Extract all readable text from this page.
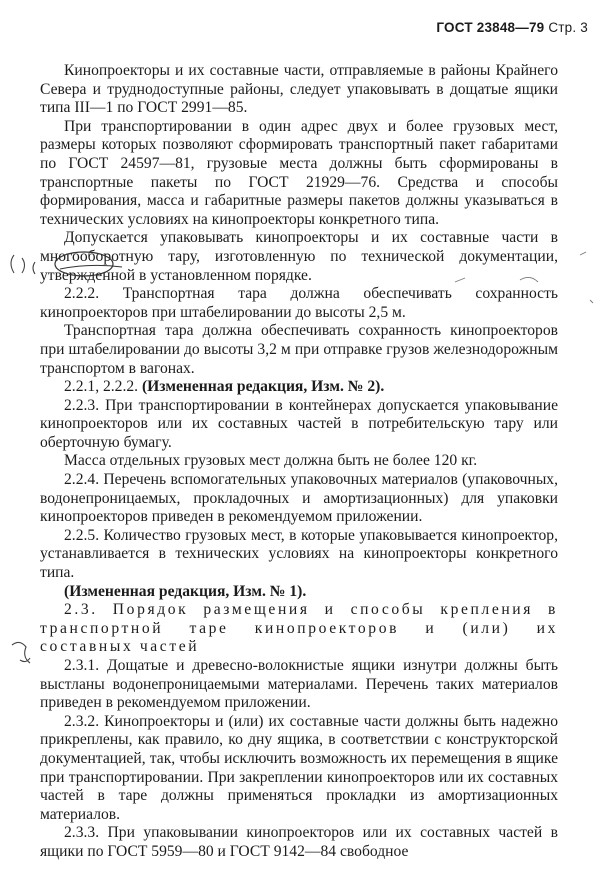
ГОСТ 23848—79 Стр. 3

Кинопроекторы и их составные части, отправляемые в районы Крайнего Севера и труднодоступные районы, следует упаковывать в дощатые ящики типа III—1 по ГОСТ 2991—85.

При транспортировании в один адрес двух и более грузовых мест, размеры которых позволяют сформировать транспортный пакет габаритами по ГОСТ 24597—81, грузовые места должны быть сформированы в транспортные пакеты по ГОСТ 21929—76. Средства и способы формирования, масса и габаритные размеры пакетов должны указываться в технических условиях на кинопроекторы конкретного типа.

Допускается упаковывать кинопроекторы и их составные части в многооборотную тару, изготовленную по технической документации, утвержденной в установленном порядке.

2.2.2. Транспортная тара должна обеспечивать сохранность кинопроекторов при штабелировании до высоты 2,5 м.

Транспортная тара должна обеспечивать сохранность кинопроекторов при штабелировании до высоты 3,2 м при отправке грузов железнодорожным транспортом в вагонах.

2.2.1, 2.2.2. (Измененная редакция, Изм. № 2).

2.2.3. При транспортировании в контейнерах допускается упаковывание кинопроекторов или их составных частей в потребительскую тару или оберточную бумагу.

Масса отдельных грузовых мест должна быть не более 120 кг.

2.2.4. Перечень вспомогательных упаковочных материалов (упаковочных, водонепроницаемых, прокладочных и амортизационных) для упаковки кинопроекторов приведен в рекомендуемом приложении.

2.2.5. Количество грузовых мест, в которые упаковывается кинопроектор, устанавливается в технических условиях на кинопроекторы конкретного типа.

(Измененная редакция, Изм. № 1).

2.3. Порядок размещения и способы крепления в транспортной таре кинопроекторов и (или) их составных частей

2.3.1. Дощатые и древесно-волокнистые ящики изнутри должны быть выстланы водонепроницаемыми материалами. Перечень таких материалов приведен в рекомендуемом приложении.

2.3.2. Кинопроекторы и (или) их составные части должны быть надежно прикреплены, как правило, ко дну ящика, в соответствии с конструкторской документацией, так, чтобы исключить возможность их перемещения в ящике при транспортировании. При закреплении кинопроекторов или их составных частей в таре должны применяться прокладки из амортизационных материалов.

2.3.3. При упаковывании кинопроекторов или их составных частей в ящики по ГОСТ 5959—80 и ГОСТ 9142—84 свободное
